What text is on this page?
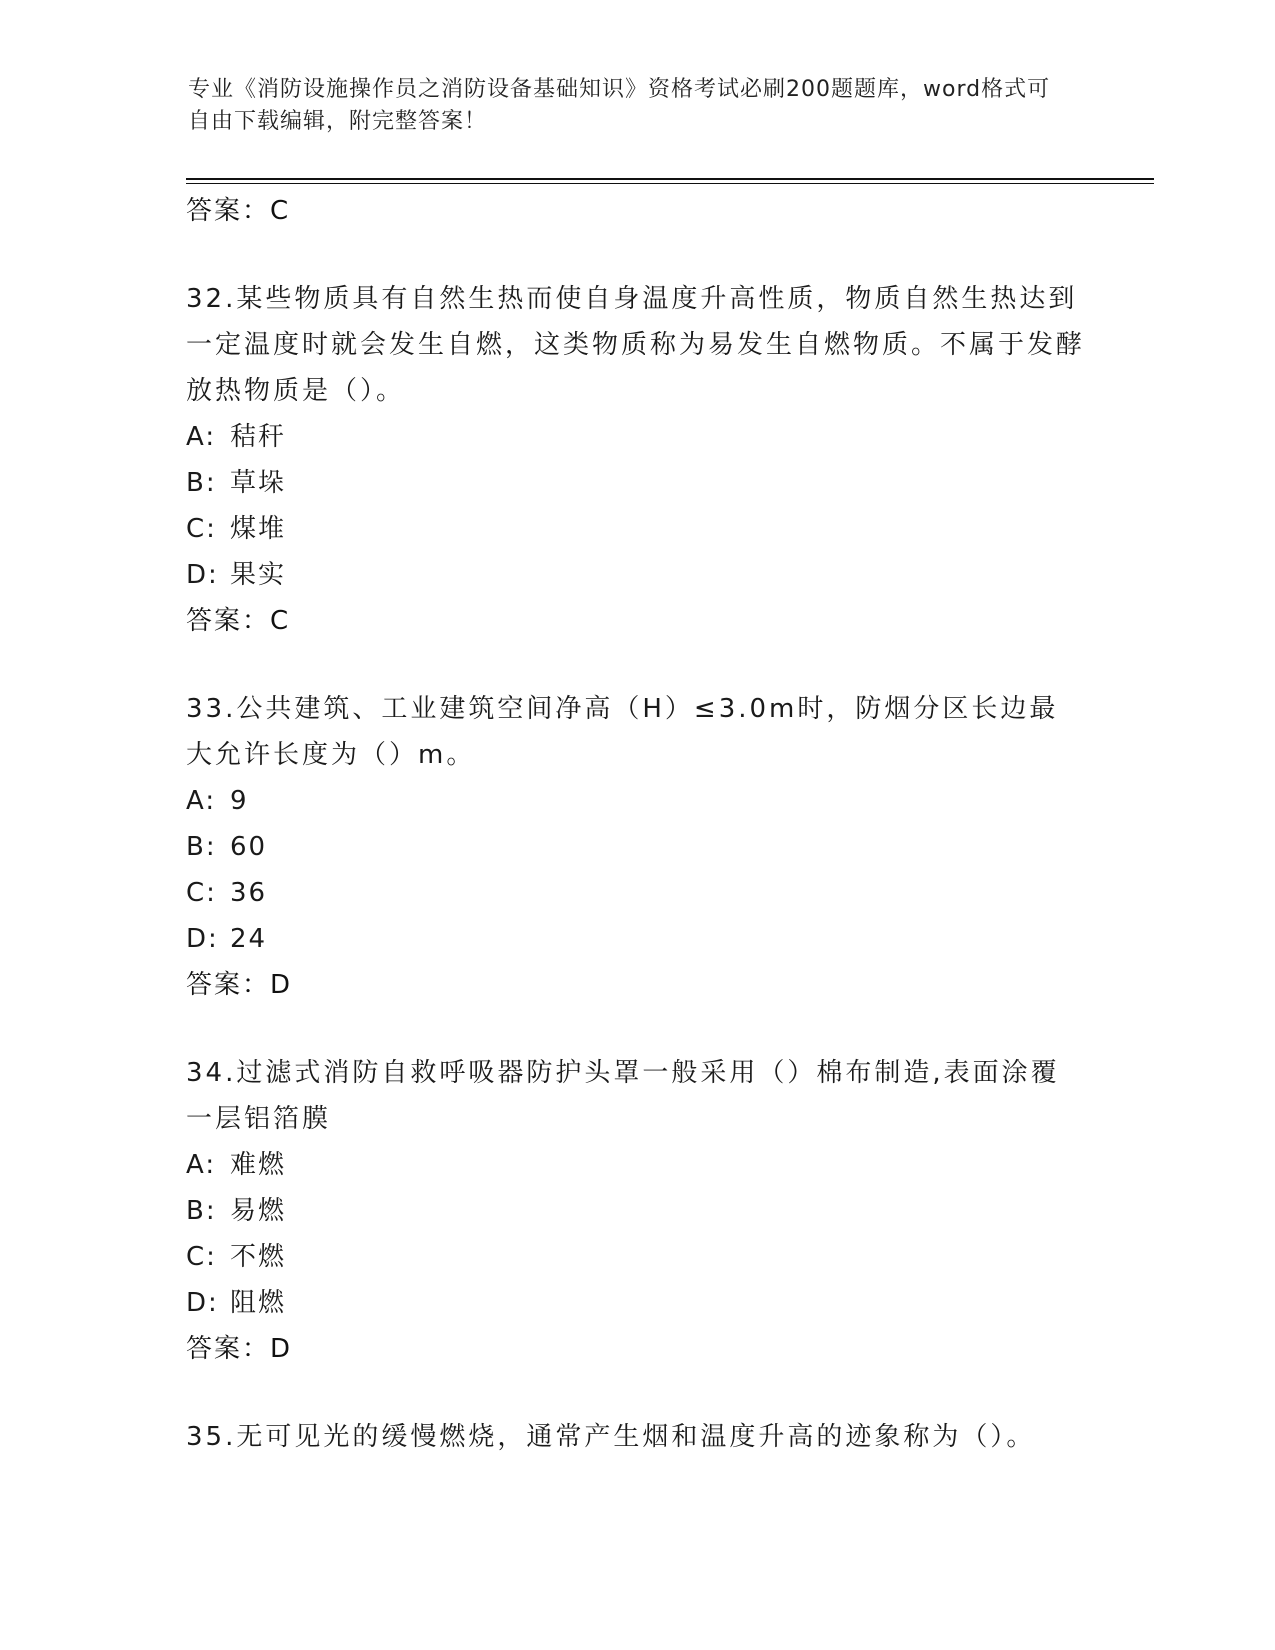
专业《消防设施操作员之消防设备基础知识》资格考试必刷200题题库，word格式可自由下载编辑，附完整答案！
答案：C

32.某些物质具有自然生热而使自身温度升高性质，物质自然生热达到一定温度时就会发生自燃，这类物质称为易发生自燃物质。不属于发酵放热物质是（）。

A: 秸秆
B: 草垛
C: 煤堆
D: 果实
答案：C

33.公共建筑、工业建筑空间净高（H）≤3.0m时，防烟分区长边最大允许长度为（）m。

A: 9
B: 60
C: 36
D: 24
答案：D

34.过滤式消防自救呼吸器防护头罩一般采用（）棉布制造,表面涂覆一层铝箔膜

A: 难燃
B: 易燃
C: 不燃
D: 阻燃
答案：D

35.无可见光的缓慢燃烧，通常产生烟和温度升高的迹象称为（）。
